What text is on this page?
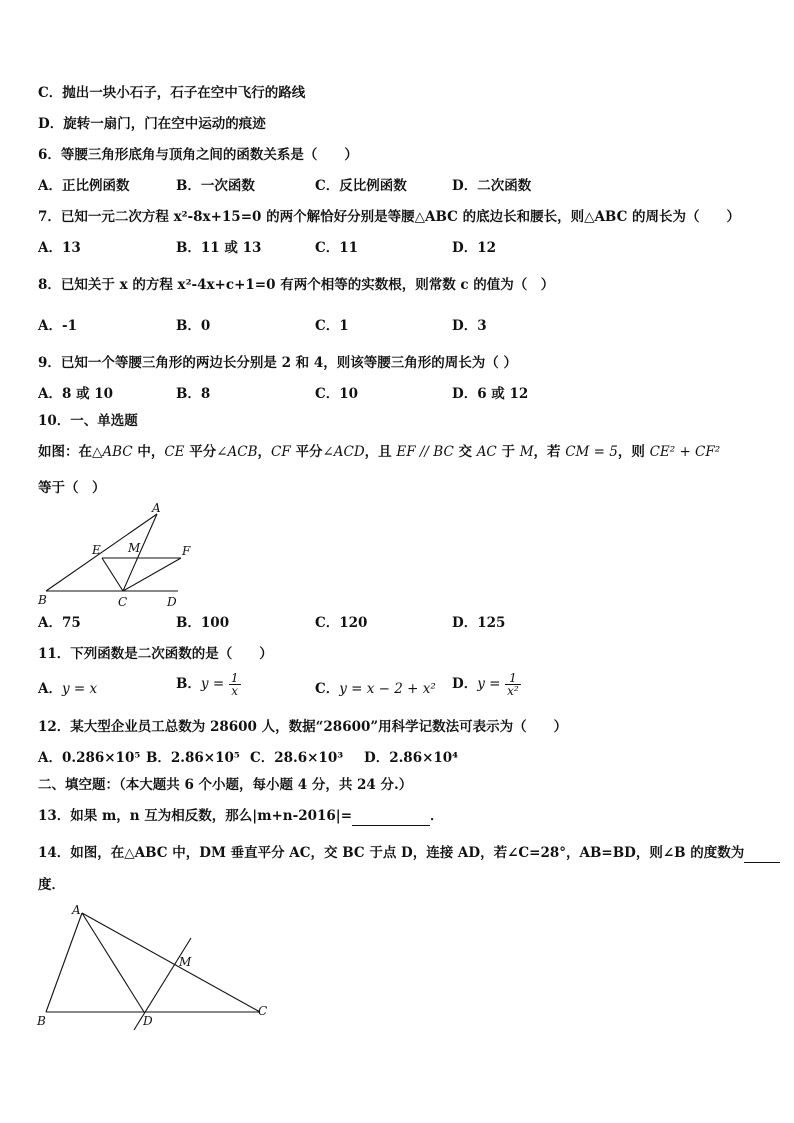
C．抛出一块小石子，石子在空中飞行的路线
D．旋转一扇门，门在空中运动的痕迹
6．等腰三角形底角与顶角之间的函数关系是（　　）
A．正比例函数	B．一次函数	C．反比例函数	D．二次函数
7．已知一元二次方程 x²-8x+15=0 的两个解恰好分别是等腰△ABC 的底边长和腰长，则△ABC 的周长为（　　）
A．13	B．11 或 13	C．11	D．12
8．已知关于 x 的方程 x²-4x+c+1=0 有两个相等的实数根，则常数 c 的值为（　）
A．-1	B．0	C．1	D．3
9．已知一个等腰三角形的两边长分别是 2 和 4，则该等腰三角形的周长为（ ）
A．8 或 10	B．8	C．10	D．6 或 12
10．一、单选题
如图：在△ABC 中，CE 平分∠ACB，CF 平分∠ACD，且 EF // BC 交 AC 于 M，若 CM = 5，则 CE² + CF²
等于（　）
A
E M	F
B	C	D
A．75	B．100	C．120	D．125
11．下列函数是二次函数的是（　　）
A．y = x	B．$y = \frac{1}{x}$	C．y = x − 2 + x² D．$y = \frac{1}{\text{x²}}$
12．某大型企业员工总数为 28600 人，数据“28600”用科学记数法可表示为（　　）
A．0.286×10⁵ B．2.86×10⁵ C．28.6×10³ D．2.86×10⁴
二、填空题：（本大题共 6 个小题，每小题 4 分，共 24 分.）
13．如果 m，n 互为相反数，那么|m+n-2016|=	．
14．如图，在△ABC 中，DM 垂直平分 AC，交 BC 于点 D，连接 AD，若∠C=28°，AB=BD，则∠B 的度数为
度．
A
M
B	D
C
